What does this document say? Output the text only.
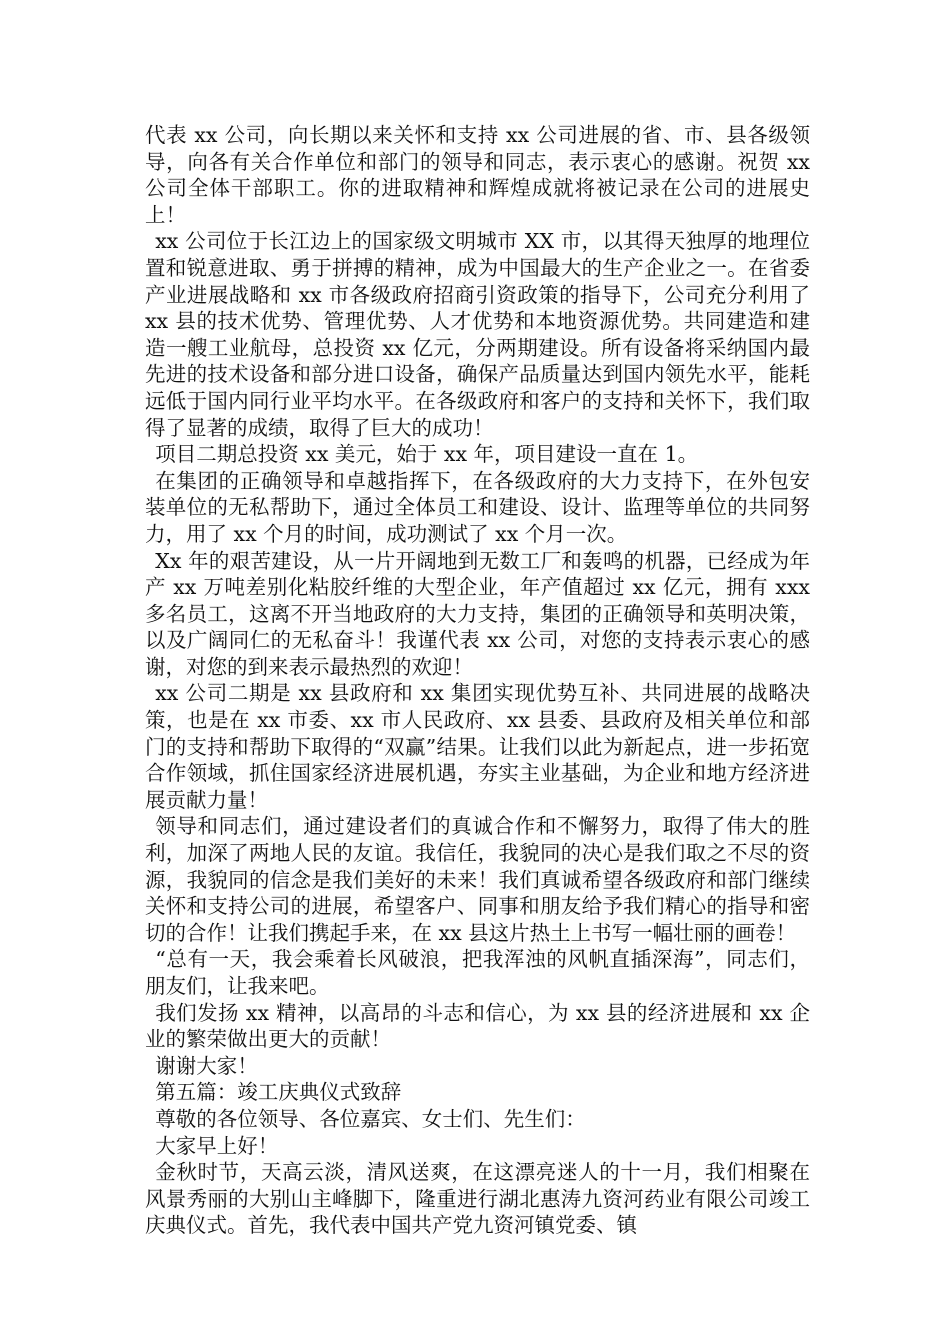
代表 xx 公司，向长期以来关怀和支持 xx 公司进展的省、市、县各级领导，向各有关合作单位和部门的领导和同志，表示衷心的感谢。祝贺 xx 公司全体干部职工。你的进取精神和辉煌成就将被记录在公司的进展史上！

xx 公司位于长江边上的国家级文明城市 XX 市，以其得天独厚的地理位置和锐意进取、勇于拼搏的精神，成为中国最大的生产企业之一。在省委产业进展战略和 xx 市各级政府招商引资政策的指导下，公司充分利用了 xx 县的技术优势、管理优势、人才优势和本地资源优势。共同建造和建造一艘工业航母，总投资 xx 亿元，分两期建设。所有设备将采纳国内最先进的技术设备和部分进口设备，确保产品质量达到国内领先水平，能耗远低于国内同行业平均水平。在各级政府和客户的支持和关怀下，我们取得了显著的成绩，取得了巨大的成功！

项目二期总投资 xx 美元，始于 xx 年，项目建设一直在 1。

在集团的正确领导和卓越指挥下，在各级政府的大力支持下，在外包安装单位的无私帮助下，通过全体员工和建设、设计、监理等单位的共同努力，用了 xx 个月的时间，成功测试了 xx 个月一次。

Xx 年的艰苦建设，从一片开阔地到无数工厂和轰鸣的机器，已经成为年产 xx 万吨差别化粘胶纤维的大型企业，年产值超过 xx 亿元，拥有 xxx 多名员工，这离不开当地政府的大力支持，集团的正确领导和英明决策，以及广阔同仁的无私奋斗！我谨代表 xx 公司，对您的支持表示衷心的感谢，对您的到来表示最热烈的欢迎！

xx 公司二期是 xx 县政府和 xx 集团实现优势互补、共同进展的战略决策，也是在 xx 市委、xx 市人民政府、xx 县委、县政府及相关单位和部门的支持和帮助下取得的“双赢”结果。让我们以此为新起点，进一步拓宽合作领域，抓住国家经济进展机遇，夯实主业基础，为企业和地方经济进展贡献力量！

领导和同志们，通过建设者们的真诚合作和不懈努力，取得了伟大的胜利，加深了两地人民的友谊。我信任，我貌同的决心是我们取之不尽的资源，我貌同的信念是我们美好的未来！我们真诚希望各级政府和部门继续关怀和支持公司的进展，希望客户、同事和朋友给予我们精心的指导和密切的合作！让我们携起手来，在 xx 县这片热土上书写一幅壮丽的画卷！

“总有一天，我会乘着长风破浪，把我浑浊的风帆直插深海”，同志们，朋友们，让我来吧。

我们发扬 xx 精神，以高昂的斗志和信心，为 xx 县的经济进展和 xx 企业的繁荣做出更大的贡献！

谢谢大家！

第五篇：竣工庆典仪式致辞

尊敬的各位领导、各位嘉宾、女士们、先生们：

大家早上好！

金秋时节，天高云淡，清风送爽，在这漂亮迷人的十一月，我们相聚在风景秀丽的大别山主峰脚下，隆重进行湖北惠涛九资河药业有限公司竣工庆典仪式。首先，我代表中国共产党九资河镇党委、镇
